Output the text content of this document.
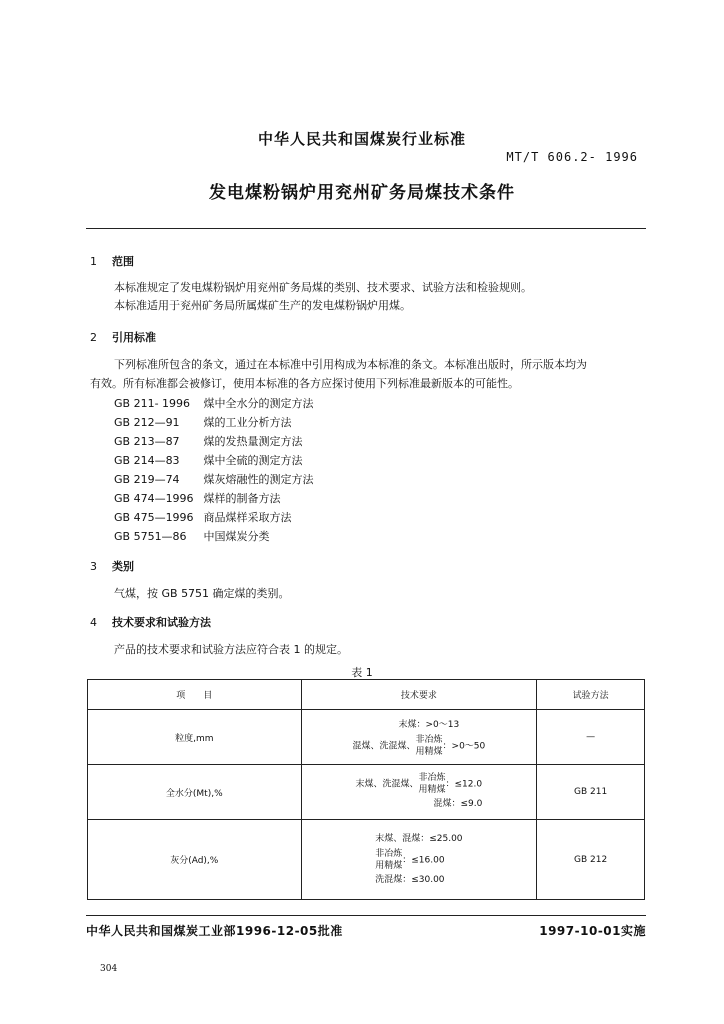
中华人民共和国煤炭行业标准
MT/T 606.2- 1996
发电煤粉锅炉用兖州矿务局煤技术条件
1 范围
本标准规定了发电煤粉锅炉用兖州矿务局煤的类别、技术要求、试验方法和检验规则。
本标准适用于兖州矿务局所属煤矿生产的发电煤粉锅炉用煤。
2 引用标准
下列标准所包含的条文，通过在本标准中引用构成为本标准的条文。本标准出版时，所示版本均为
有效。所有标准都会被修订，使用本标准的各方应探讨使用下列标准最新版本的可能性。
GB 211- 1996 煤中全水分的测定方法
GB 212—91 煤的工业分析方法
GB 213—87 煤的发热量测定方法
GB 214—83 煤中全硫的测定方法
GB 219—74 煤灰熔融性的测定方法
GB 474—1996 煤样的制备方法
GB 475—1996 商品煤样采取方法
GB 5751—86 中国煤炭分类
3 类别
气煤，按 GB 5751 确定煤的类别。
4 技术要求和试验方法
产品的技术要求和试验方法应符合表 1 的规定。
表 1
项　　目	技术要求	试验方法
粒度,mm	末煤：>0～13
混煤、洗混煤、非冶炼
用精煤：>0～50	—
全水分(Mt),%	末煤、洗混煤、非冶炼
用精煤：≤12.0
混煤：≤9.0	GB 211
灰分(Ad),%	末煤、混煤：≤25.00
非冶炼
用精煤：≤16.00
洗混煤：≤30.00	GB 212
中华人民共和国煤炭工业部1996-12-05批准	1997-10-01实施
304
